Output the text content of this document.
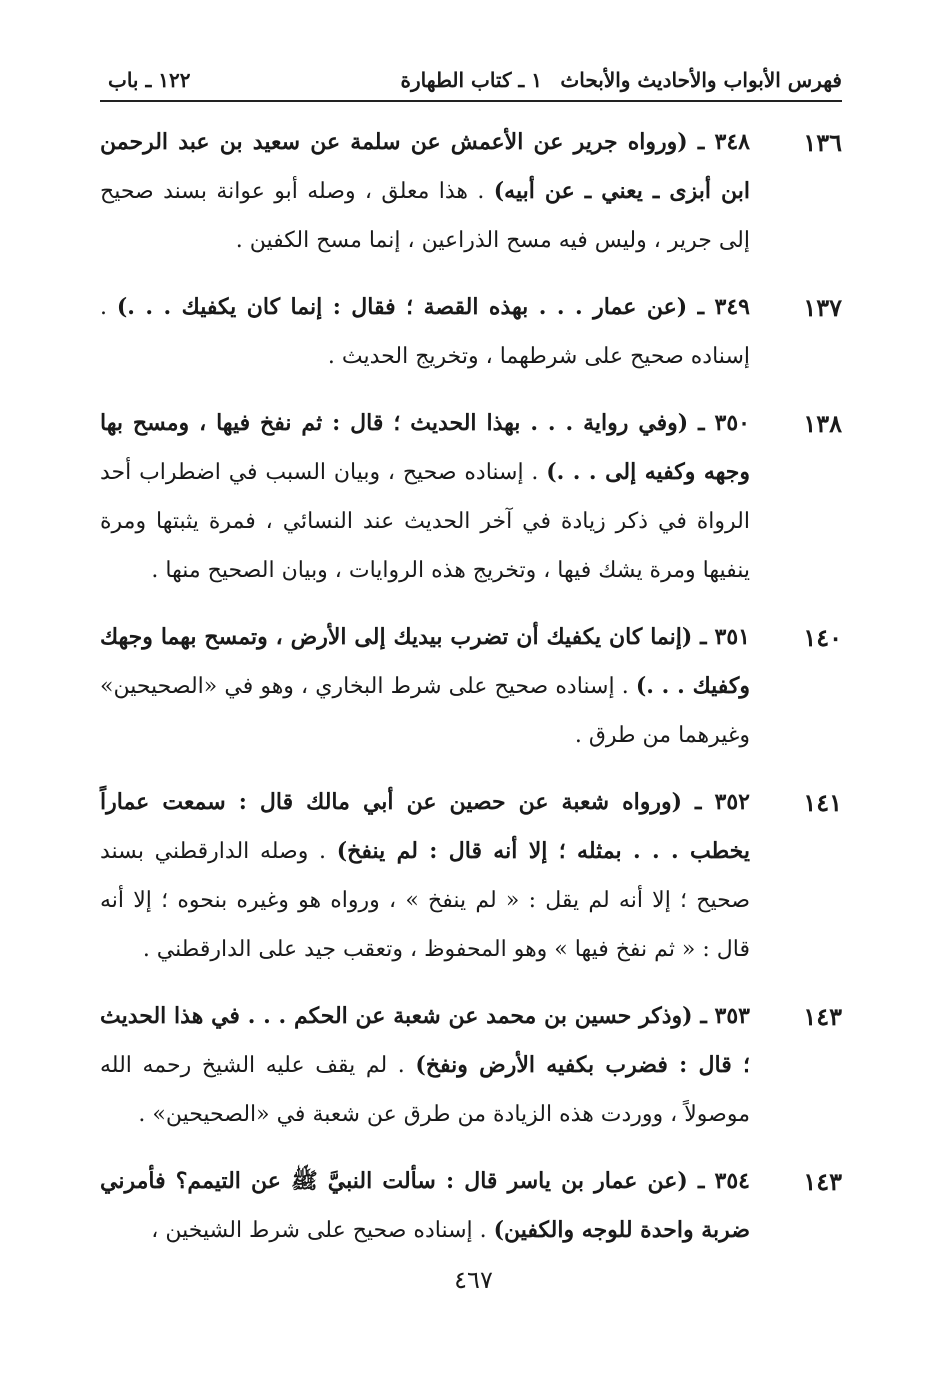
فهرس الأبواب والأحاديث والأبحاث
١ ـ كتاب الطهارة
١٢٢ ـ باب
١٣٦
٣٤٨ ـ (ورواه جرير عن الأعمش عن سلمة عن سعيد بن عبد الرحمن ابن أبزى ـ يعني ـ عن أبيه) . هذا معلق ، وصله أبو عوانة بسند صحيح إلى جرير ، وليس فيه مسح الذراعين ، إنما مسح الكفين .
١٣٧
٣٤٩ ـ (عن عمار . . . بهذه القصة ؛ فقال : إنما كان يكفيك . . .) . إسناده صحيح على شرطهما ، وتخريج الحديث .
١٣٨
٣٥٠ ـ (وفي رواية . . . بهذا الحديث ؛ قال : ثم نفخ فيها ، ومسح بها وجهه وكفيه إلى . . .) . إسناده صحيح ، وبيان السبب في اضطراب أحد الرواة في ذكر زيادة في آخر الحديث عند النسائي ، فمرة يثبتها ومرة ينفيها ومرة يشك فيها ، وتخريج هذه الروايات ، وبيان الصحيح منها .
١٤٠
٣٥١ ـ (إنما كان يكفيك أن تضرب بيديك إلى الأرض ، وتمسح بهما وجهك وكفيك . . .) . إسناده صحيح على شرط البخاري ، وهو في «الصحيحين» وغيرهما من طرق .
١٤١
٣٥٢ ـ (ورواه شعبة عن حصين عن أبي مالك قال : سمعت عماراً يخطب . . . بمثله ؛ إلا أنه قال : لم ينفخ) . وصله الدارقطني بسند صحيح ؛ إلا أنه لم يقل : « لم ينفخ » ، ورواه هو وغيره بنحوه ؛ إلا أنه قال : « ثم نفخ فيها » وهو المحفوظ ، وتعقب جيد على الدارقطني .
١٤٣
٣٥٣ ـ (وذكر حسين بن محمد عن شعبة عن الحكم . . . في هذا الحديث ؛ قال : فضرب بكفيه الأرض ونفخ) . لم يقف عليه الشيخ رحمه الله موصولاً ، ووردت هذه الزيادة من طرق عن شعبة في «الصحيحين» .
١٤٣
٣٥٤ ـ (عن عمار بن ياسر قال : سألت النبيَّ ﷺ عن التيمم؟ فأمرني ضربة واحدة للوجه والكفين) . إسناده صحيح على شرط الشيخين ،
٤٦٧
